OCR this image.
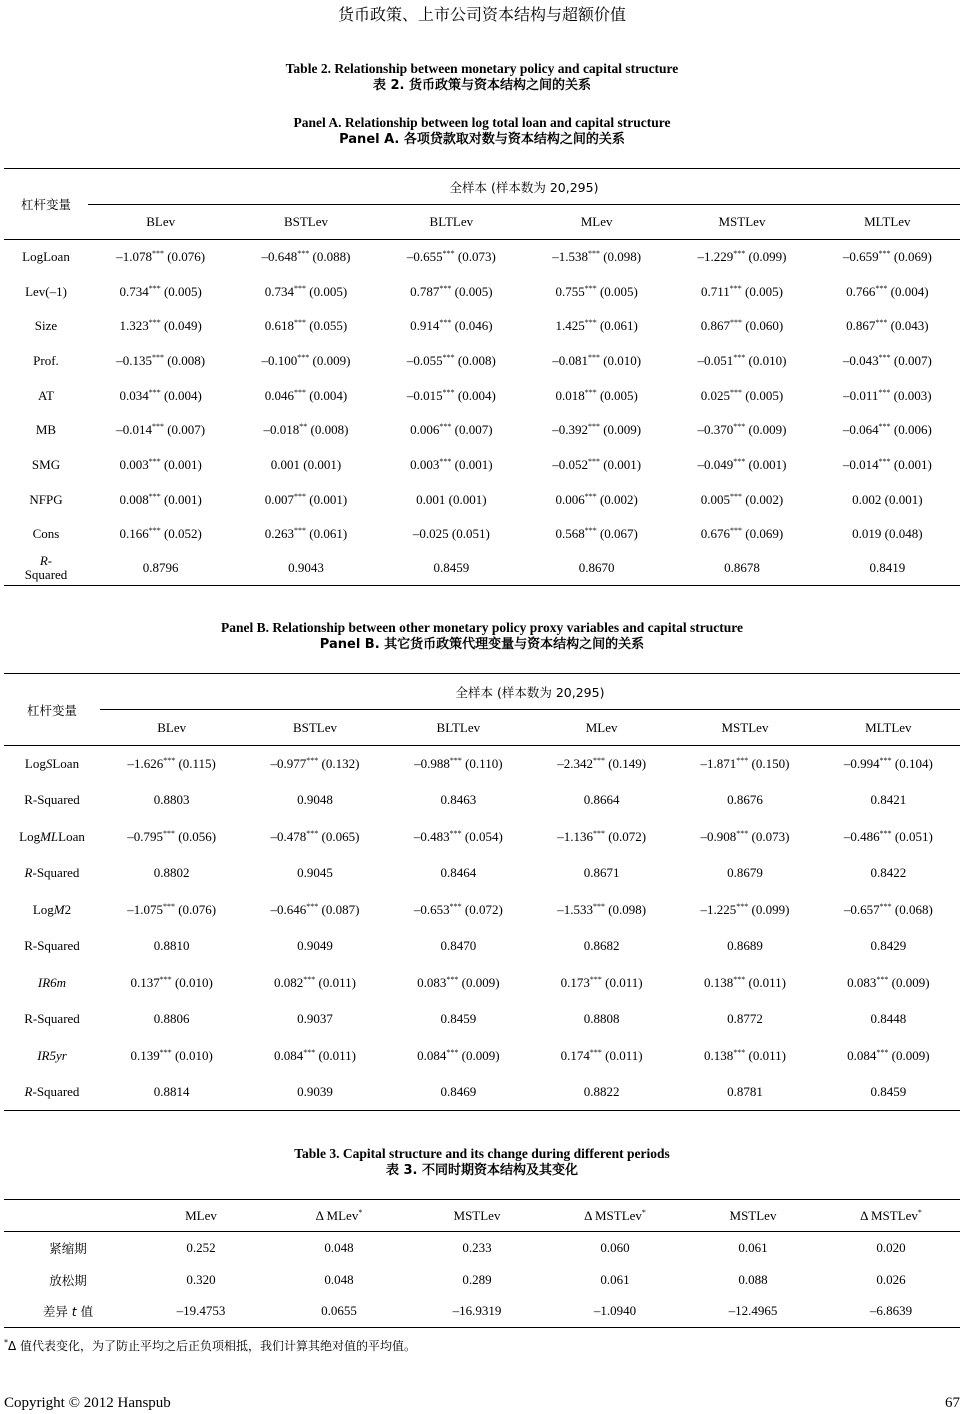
货币政策、上市公司资本结构与超额价值
Table 2. Relationship between monetary policy and capital structure
表 2. 货币政策与资本结构之间的关系
Panel A. Relationship between log total loan and capital structure
Panel A. 各项贷款取对数与资本结构之间的关系
杠杆变量	全样本 (样本数为 20,295)					
	BLev	BSTLev	BLTLev	MLev	MSTLev	MLTLev
LogLoan	–1.078*** (0.076)	–0.648*** (0.088)	–0.655*** (0.073)	–1.538*** (0.098)	–1.229*** (0.099)	–0.659*** (0.069)
Lev(–1)	0.734*** (0.005)	0.734*** (0.005)	0.787*** (0.005)	0.755*** (0.005)	0.711*** (0.005)	0.766*** (0.004)
Size	1.323*** (0.049)	0.618*** (0.055)	0.914*** (0.046)	1.425*** (0.061)	0.867*** (0.060)	0.867*** (0.043)
Prof.	–0.135*** (0.008)	–0.100*** (0.009)	–0.055*** (0.008)	–0.081*** (0.010)	–0.051*** (0.010)	–0.043*** (0.007)
AT	0.034*** (0.004)	0.046*** (0.004)	–0.015*** (0.004)	0.018*** (0.005)	0.025*** (0.005)	–0.011*** (0.003)
MB	–0.014*** (0.007)	–0.018** (0.008)	0.006*** (0.007)	–0.392*** (0.009)	–0.370*** (0.009)	–0.064*** (0.006)
SMG	0.003*** (0.001)	0.001 (0.001)	0.003*** (0.001)	–0.052*** (0.001)	–0.049*** (0.001)	–0.014*** (0.001)
NFPG	0.008*** (0.001)	0.007*** (0.001)	0.001 (0.001)	0.006*** (0.002)	0.005*** (0.002)	0.002 (0.001)
Cons	0.166*** (0.052)	0.263*** (0.061)	–0.025 (0.051)	0.568*** (0.067)	0.676*** (0.069)	0.019 (0.048)
R-
Squared	0.8796	0.9043	0.8459	0.8670	0.8678	0.8419
Panel B. Relationship between other monetary policy proxy variables and capital structure
Panel B. 其它货币政策代理变量与资本结构之间的关系
杠杆变量	全样本 (样本数为 20,295)					
	BLev	BSTLev	BLTLev	MLev	MSTLev	MLTLev
LogSLoan	–1.626*** (0.115)	–0.977*** (0.132)	–0.988*** (0.110)	–2.342*** (0.149)	–1.871*** (0.150)	–0.994*** (0.104)
R-Squared	0.8803	0.9048	0.8463	0.8664	0.8676	0.8421
LogMLLoan	–0.795*** (0.056)	–0.478*** (0.065)	–0.483*** (0.054)	–1.136*** (0.072)	–0.908*** (0.073)	–0.486*** (0.051)
R-Squared	0.8802	0.9045	0.8464	0.8671	0.8679	0.8422
LogM2	–1.075*** (0.076)	–0.646*** (0.087)	–0.653*** (0.072)	–1.533*** (0.098)	–1.225*** (0.099)	–0.657*** (0.068)
R-Squared	0.8810	0.9049	0.8470	0.8682	0.8689	0.8429
IR6m	0.137*** (0.010)	0.082*** (0.011)	0.083*** (0.009)	0.173*** (0.011)	0.138*** (0.011)	0.083*** (0.009)
R-Squared	0.8806	0.9037	0.8459	0.8808	0.8772	0.8448
IR5yr	0.139*** (0.010)	0.084*** (0.011)	0.084*** (0.009)	0.174*** (0.011)	0.138*** (0.011)	0.084*** (0.009)
R-Squared	0.8814	0.9039	0.8469	0.8822	0.8781	0.8459
Table 3. Capital structure and its change during different periods
表 3. 不同时期资本结构及其变化
	MLev	Δ MLev*	MSTLev	Δ MSTLev*	MSTLev	Δ MSTLev*
紧缩期	0.252	0.048	0.233	0.060	0.061	0.020
放松期	0.320	0.048	0.289	0.061	0.088	0.026
差异 t 值	–19.4753	0.0655	–16.9319	–1.0940	–12.4965	–6.8639
*Δ 值代表变化，为了防止平均之后正负项相抵，我们计算其绝对值的平均值。
Copyright © 2012 Hanspub	67
